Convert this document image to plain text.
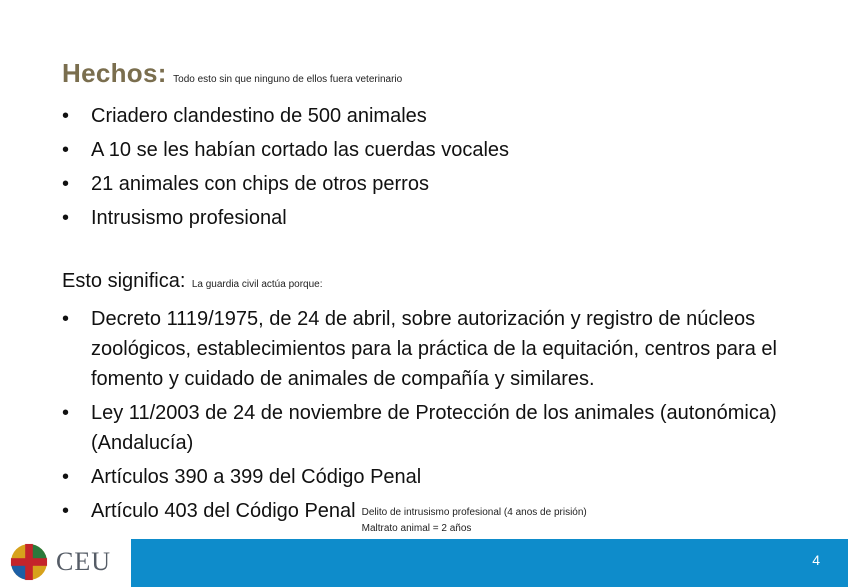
Hechos: Todo esto sin que ninguno de ellos fuera veterinario
• Criadero clandestino de 500 animales
• A 10 se les habían cortado las cuerdas vocales
• 21 animales con chips de otros perros
• Intrusismo profesional
Esto significa: La guardia civil actúa porque:
• Decreto 1119/1975, de 24 de abril, sobre autorización y registro de núcleos zoológicos, establecimientos para la práctica de la equitación, centros para el fomento y cuidado de animales de compañía y similares.
• Ley 11/2003 de 24 de noviembre de Protección de los animales (autonómica)(Andalucía)
• Artículos 390 a 399 del Código Penal
• Artículo 403 del Código Penal Delito de intrusismo profesional (4 anos de prisión)
Maltrato animal = 2 años
CEU	4
